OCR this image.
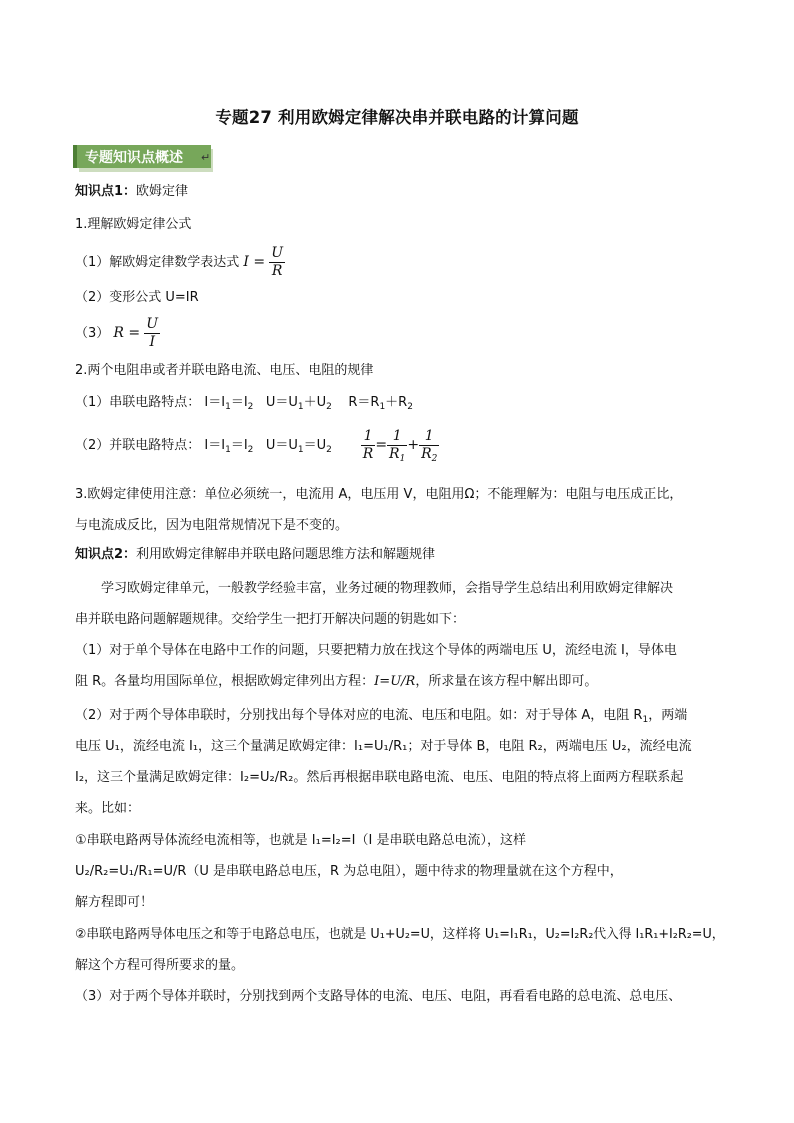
专题27 利用欧姆定律解决串并联电路的计算问题
专题知识点概述 ↵
知识点1：欧姆定律
1.理解欧姆定律公式
（1）解欧姆定律数学表达式 $I = \frac{U}{R}$
（2）变形公式 U=IR
（3） $R = \frac{U}{I}$
2.两个电阻串或者并联电路电流、电压、电阻的规律
（1）串联电路特点： $I=I_1=I_2$ $U=U_1+U_2$ $R=R_1+R_2$
（2）并联电路特点： $I=I_1=I_2$ $U=U_1=U_2 \frac{1}{R} = \frac{1}{R_1} + \frac{1}{R_2}$
3.欧姆定律使用注意：单位必须统一，电流用 A，电压用 V，电阻用Ω；不能理解为：电阻与电压成正比，
与电流成反比，因为电阻常规情况下是不变的。
知识点2：利用欧姆定律解串并联电路问题思维方法和解题规律
学习欧姆定律单元，一般教学经验丰富，业务过硬的物理教师，会指导学生总结出利用欧姆定律解决
串并联电路问题解题规律。交给学生一把打开解决问题的钥匙如下：
（1）对于单个导体在电路中工作的问题，只要把精力放在找这个导体的两端电压 U，流经电流 I，导体电
阻 R。各量均用国际单位，根据欧姆定律列出方程：I=U/R，所求量在该方程中解出即可。
（2）对于两个导体串联时，分别找出每个导体对应的电流、电压和电阻。如：对于导体 A，电阻 $R_1$，两端
电压 U₁，流经电流 I₁，这三个量满足欧姆定律：I₁=U₁/R₁；对于导体 B，电阻 R₂，两端电压 U₂，流经电流
I₂，这三个量满足欧姆定律：I₂=U₂/R₂。然后再根据串联电路电流、电压、电阻的特点将上面两方程联系起
来。比如：
①串联电路两导体流经电流相等，也就是 I₁=I₂=I（I 是串联电路总电流），这样
U₂/R₂=U₁/R₁=U/R（U 是串联电路总电压，R 为总电阻），题中待求的物理量就在这个方程中，
解方程即可！
②串联电路两导体电压之和等于电路总电压，也就是 U₁+U₂=U，这样将 U₁=I₁R₁，U₂=I₂R₂代入得 I₁R₁+I₂R₂=U，
解这个方程可得所要求的量。
（3）对于两个导体并联时，分别找到两个支路导体的电流、电压、电阻，再看看电路的总电流、总电压、
